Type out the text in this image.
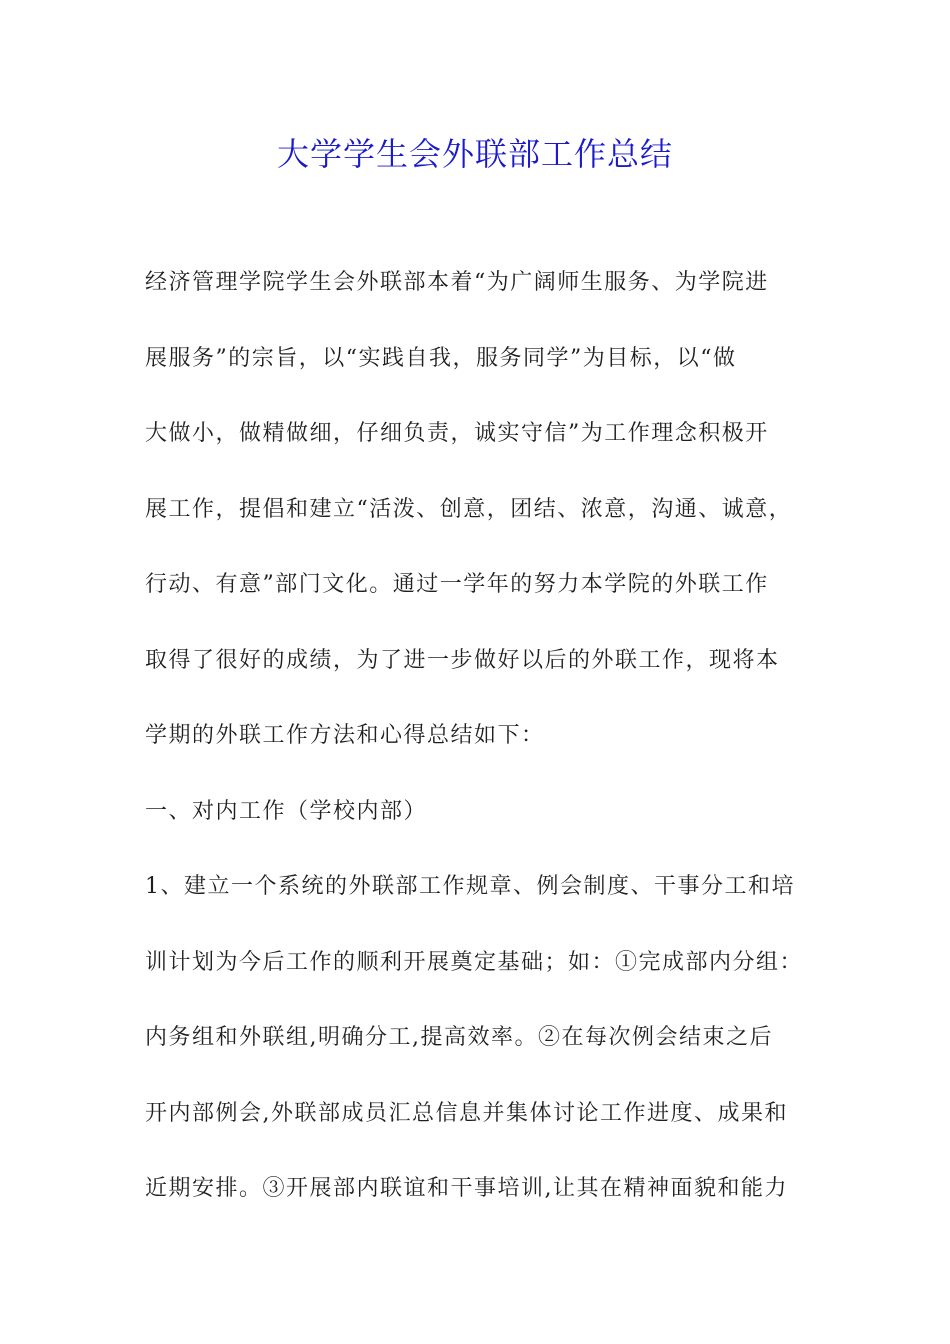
大学学生会外联部工作总结
经济管理学院学生会外联部本着“为广阔师生服务、为学院进
展服务”的宗旨，以“实践自我，服务同学”为目标，以“做
大做小，做精做细，仔细负责，诚实守信”为工作理念积极开
展工作，提倡和建立“活泼、创意，团结、浓意，沟通、诚意，
行动、有意”部门文化。通过一学年的努力本学院的外联工作
取得了很好的成绩，为了进一步做好以后的外联工作，现将本
学期的外联工作方法和心得总结如下：
一、对内工作（学校内部）
1、建立一个系统的外联部工作规章、例会制度、干事分工和培
训计划为今后工作的顺利开展奠定基础；如：①完成部内分组：
内务组和外联组,明确分工,提高效率。②在每次例会结束之后
开内部例会,外联部成员汇总信息并集体讨论工作进度、成果和
近期安排。③开展部内联谊和干事培训,让其在精神面貌和能力
